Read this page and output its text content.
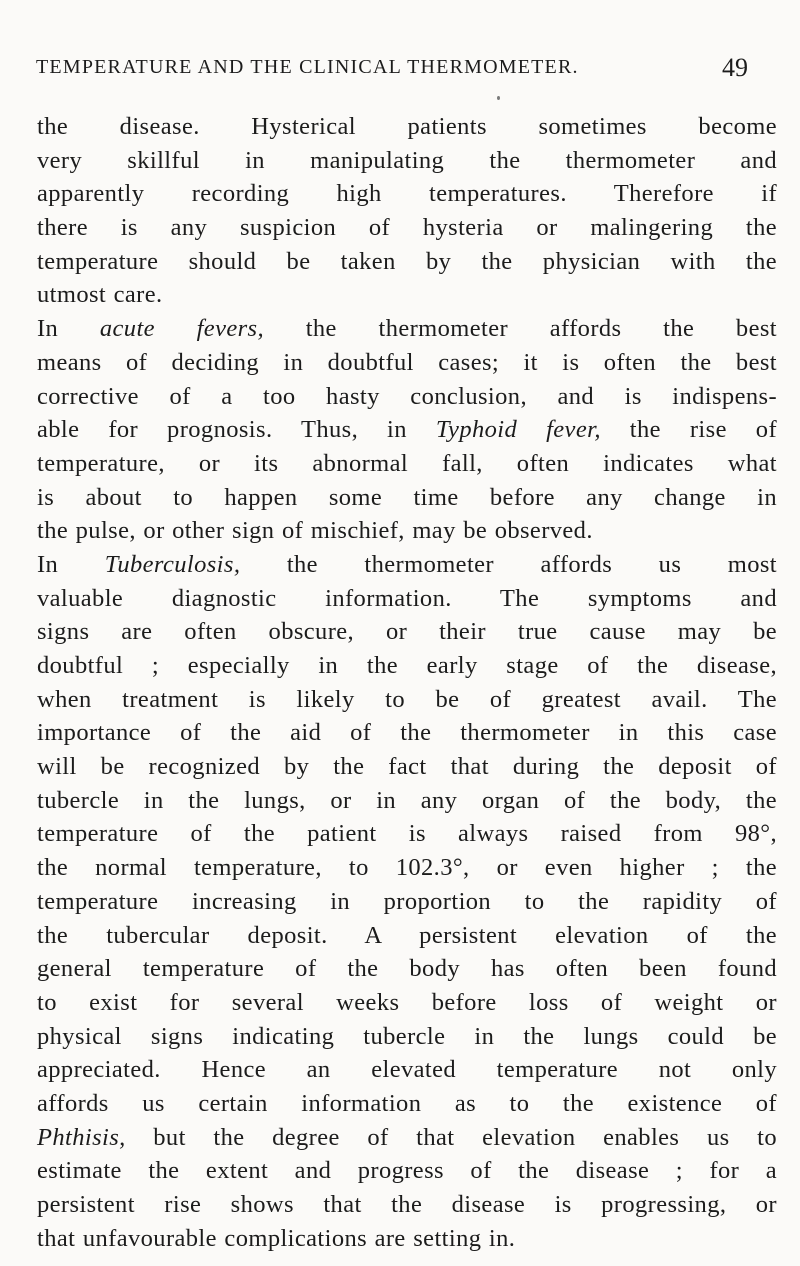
TEMPERATURE AND THE CLINICAL THERMOMETER.	49
the disease. Hysterical patients sometimes become
very skillful in manipulating the thermometer and
apparently recording high temperatures. Therefore if
there is any suspicion of hysteria or malingering the
temperature should be taken by the physician with the
utmost care.
In acute fevers, the thermometer affords the best
means of deciding in doubtful cases; it is often the best
corrective of a too hasty conclusion, and is indispens-
able for prognosis. Thus, in Typhoid fever, the rise of
temperature, or its abnormal fall, often indicates what
is about to happen some time before any change in
the pulse, or other sign of mischief, may be observed.
In Tuberculosis, the thermometer affords us most
valuable diagnostic information. The symptoms and
signs are often obscure, or their true cause may be
doubtful ; especially in the early stage of the disease,
when treatment is likely to be of greatest avail. The
importance of the aid of the thermometer in this case
will be recognized by the fact that during the deposit of
tubercle in the lungs, or in any organ of the body, the
temperature of the patient is always raised from 98°,
the normal temperature, to 102.3°, or even higher ; the
temperature increasing in proportion to the rapidity of
the tubercular deposit. A persistent elevation of the
general temperature of the body has often been found
to exist for several weeks before loss of weight or
physical signs indicating tubercle in the lungs could be
appreciated. Hence an elevated temperature not only
affords us certain information as to the existence of
Phthisis, but the degree of that elevation enables us to
estimate the extent and progress of the disease ; for a
persistent rise shows that the disease is progressing, or
that unfavourable complications are setting in.
